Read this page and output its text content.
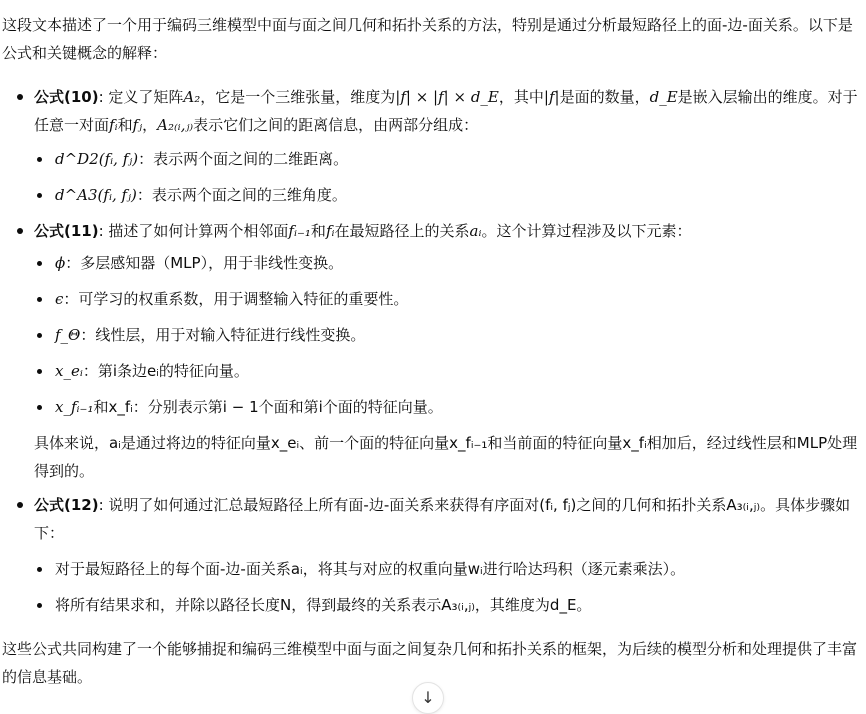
这段文本描述了一个用于编码三维模型中面与面之间几何和拓扑关系的方法，特别是通过分析最短路径上的面-边-面关系。以下是公式和关键概念的解释：

公式(10): 定义了矩阵A₂，它是一个三维张量，维度为|f| × |f| × d_E，其中|f|是面的数量，d_E是嵌入层输出的维度。对于任意一对面fᵢ和fⱼ，A₂₍ᵢ,ⱼ₎表示它们之间的距离信息，由两部分组成：

d^D2(fᵢ, fⱼ)：表示两个面之间的二维距离。
d^A3(fᵢ, fⱼ)：表示两个面之间的三维角度。

公式(11): 描述了如何计算两个相邻面fᵢ₋₁和fᵢ在最短路径上的关系aᵢ。这个计算过程涉及以下元素：

ϕ：多层感知器（MLP），用于非线性变换。
ϵ：可学习的权重系数，用于调整输入特征的重要性。
f_Θ：线性层，用于对输入特征进行线性变换。
x_eᵢ：第i条边eᵢ的特征向量。
x_fᵢ₋₁和x_fᵢ：分别表示第i − 1个面和第i个面的特征向量。

具体来说，aᵢ是通过将边的特征向量x_eᵢ、前一个面的特征向量x_fᵢ₋₁和当前面的特征向量x_fᵢ相加后，经过线性层和MLP处理得到的。

公式(12): 说明了如何通过汇总最短路径上所有面-边-面关系来获得有序面对(fᵢ, fⱼ)之间的几何和拓扑关系A₃₍ᵢ,ⱼ₎。具体步骤如下：

对于最短路径上的每个面-边-面关系aᵢ，将其与对应的权重向量wᵢ进行哈达玛积（逐元素乘法）。
将所有结果求和，并除以路径长度N，得到最终的关系表示A₃₍ᵢ,ⱼ₎，其维度为d_E。

这些公式共同构建了一个能够捕捉和编码三维模型中面与面之间复杂几何和拓扑关系的框架，为后续的模型分析和处理提供了丰富的信息基础。

↓
